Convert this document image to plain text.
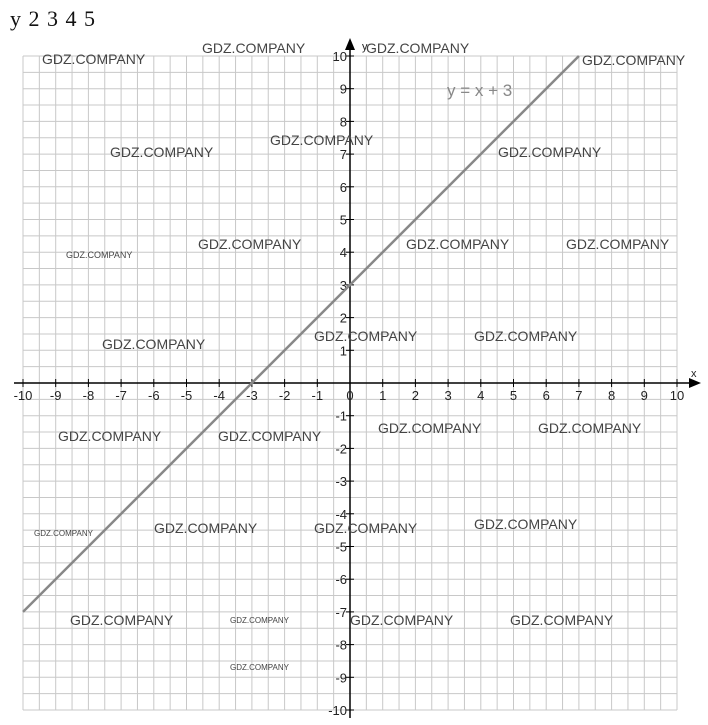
y 2 3 4 5
-10 -9 -8 -7 -6 -5 -4 -3 -2 -1 0 1 2 3 4 5 6 7 8 9 10
-10
-9
-8
-7
-6
-5
-4
-3
-2
-1
1
2
3
4
5
6
7
8
9
10
GDZ.COMPANY
GDZ.COMPANY	GDZ.COMPANY
GDZ.COMPANY
GDZ.COMPANY
GDZ.COMPANY
GDZ.COMPANY
GDZ.COMPANY
GDZ.COMPANY
GDZ.COMPANY	GDZ.COMPANY
GDZ.COMPANY	GDZ.COMPANY	GDZ.COMPANY
GDZ.COMPANY	GDZ.COMPANY	GDZ.COMPANY	GDZ.COMPANY
GDZ.COMPANY	GDZ.COMPANY	GDZ.COMPANY	GDZ.COMPANY
GDZ.COMPANY	GDZ.COMPANY	GDZ.COMPANY	GDZ.COMPANY
GDZ.COMPANY
x
y
y = x + 3
